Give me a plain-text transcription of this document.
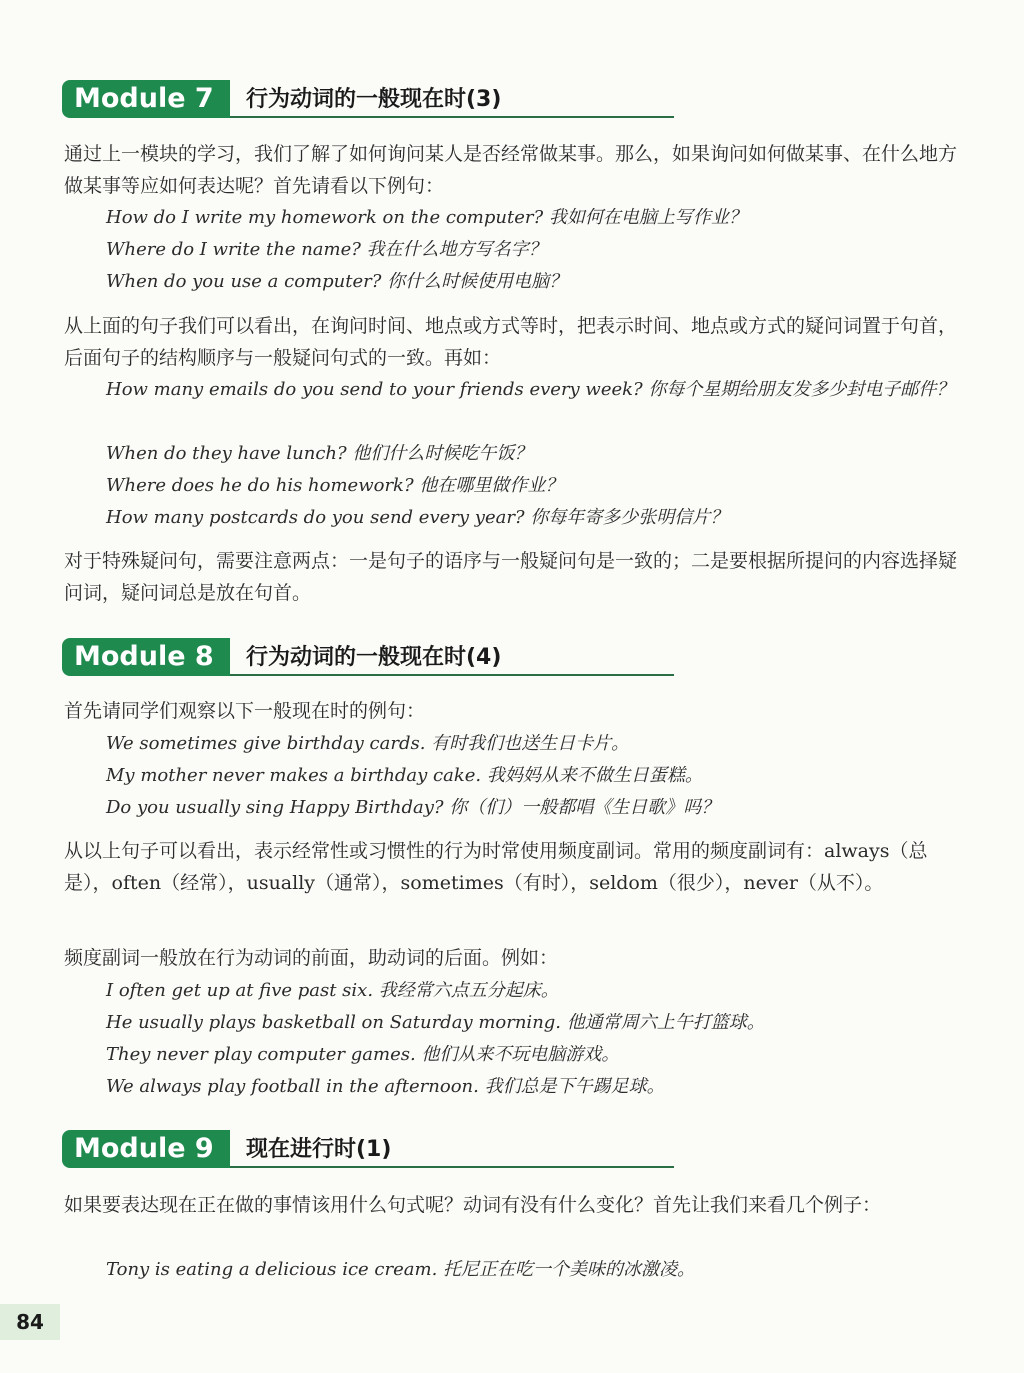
Module 7	行为动词的一般现在时(3)

通过上一模块的学习，我们了解了如何询问某人是否经常做某事。那么，如果询问如何做某事、在什么地方做某事等应如何表达呢？首先请看以下例句：

How do I write my homework on the computer? 我如何在电脑上写作业？

Where do I write the name? 我在什么地方写名字？

When do you use a computer? 你什么时候使用电脑？

从上面的句子我们可以看出，在询问时间、地点或方式等时，把表示时间、地点或方式的疑问词置于句首，后面句子的结构顺序与一般疑问句式的一致。再如：

How many emails do you send to your friends every week? 你每个星期给朋友发多少封电子邮件？

When do they have lunch? 他们什么时候吃午饭？

Where does he do his homework? 他在哪里做作业？

How many postcards do you send every year? 你每年寄多少张明信片？

对于特殊疑问句，需要注意两点：一是句子的语序与一般疑问句是一致的；二是要根据所提问的内容选择疑问词，疑问词总是放在句首。

Module 8	行为动词的一般现在时(4)

首先请同学们观察以下一般现在时的例句：

We sometimes give birthday cards. 有时我们也送生日卡片。

My mother never makes a birthday cake. 我妈妈从来不做生日蛋糕。

Do you usually sing Happy Birthday? 你（们）一般都唱《生日歌》吗？

从以上句子可以看出，表示经常性或习惯性的行为时常使用频度副词。常用的频度副词有：always（总是），often（经常），usually（通常），sometimes（有时），seldom（很少），never（从不）。

频度副词一般放在行为动词的前面，助动词的后面。例如：

I often get up at five past six. 我经常六点五分起床。

He usually plays basketball on Saturday morning. 他通常周六上午打篮球。

They never play computer games. 他们从来不玩电脑游戏。

We always play football in the afternoon. 我们总是下午踢足球。

Module 9	现在进行时(1)

如果要表达现在正在做的事情该用什么句式呢？动词有没有什么变化？首先让我们来看几个例子：

Tony is eating a delicious ice cream. 托尼正在吃一个美味的冰激凌。

84
